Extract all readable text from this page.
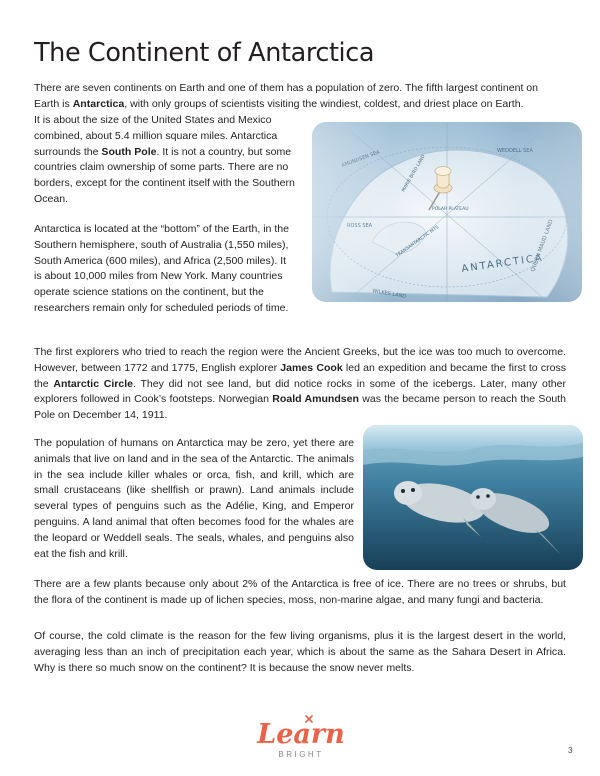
The Continent of Antarctica

There are seven continents on Earth and one of them has a population of zero. The fifth largest continent on Earth is Antarctica, with only groups of scientists visiting the windiest, coldest, and driest place on Earth.

It is about the size of the United States and Mexico combined, about 5.4 million square miles. Antarctica surrounds the South Pole. It is not a country, but some countries claim ownership of some parts. There are no borders, except for the continent itself with the Southern Ocean.

Antarctica is located at the “bottom” of the Earth, in the Southern hemisphere, south of Australia (1,550 miles), South America (600 miles), and Africa (2,500 miles). It is about 10,000 miles from New York. Many countries operate science stations on the continent, but the researchers remain only for scheduled periods of time.

The first explorers who tried to reach the region were the Ancient Greeks, but the ice was too much to overcome. However, between 1772 and 1775, English explorer James Cook led an expedition and became the first to cross the Antarctic Circle. They did not see land, but did notice rocks in some of the icebergs. Later, many other explorers followed in Cook’s footsteps. Norwegian Roald Amundsen was the became person to reach the South Pole on December 14, 1911.

The population of humans on Antarctica may be zero, yet there are animals that live on land and in the sea of the Antarctic. The animals in the sea include killer whales or orca, fish, and krill, which are small crustaceans (like shellfish or prawn). Land animals include several types of penguins such as the Adélie, King, and Emperor penguins. A land animal that often becomes food for the whales are the leopard or Weddell seals. The seals, whales, and penguins also eat the fish and krill.

There are a few plants because only about 2% of the Antarctica is free of ice. There are no trees or shrubs, but the flora of the continent is made up of lichen species, moss, non-marine algae, and many fungi and bacteria.

Of course, the cold climate is the reason for the few living organisms, plus it is the largest desert in the world, averaging less than an inch of precipitation each year, which is about the same as the Sahara Desert in Africa. Why is there so much snow on the continent? It is because the snow never melts.

Learn
BRIGHT	3
